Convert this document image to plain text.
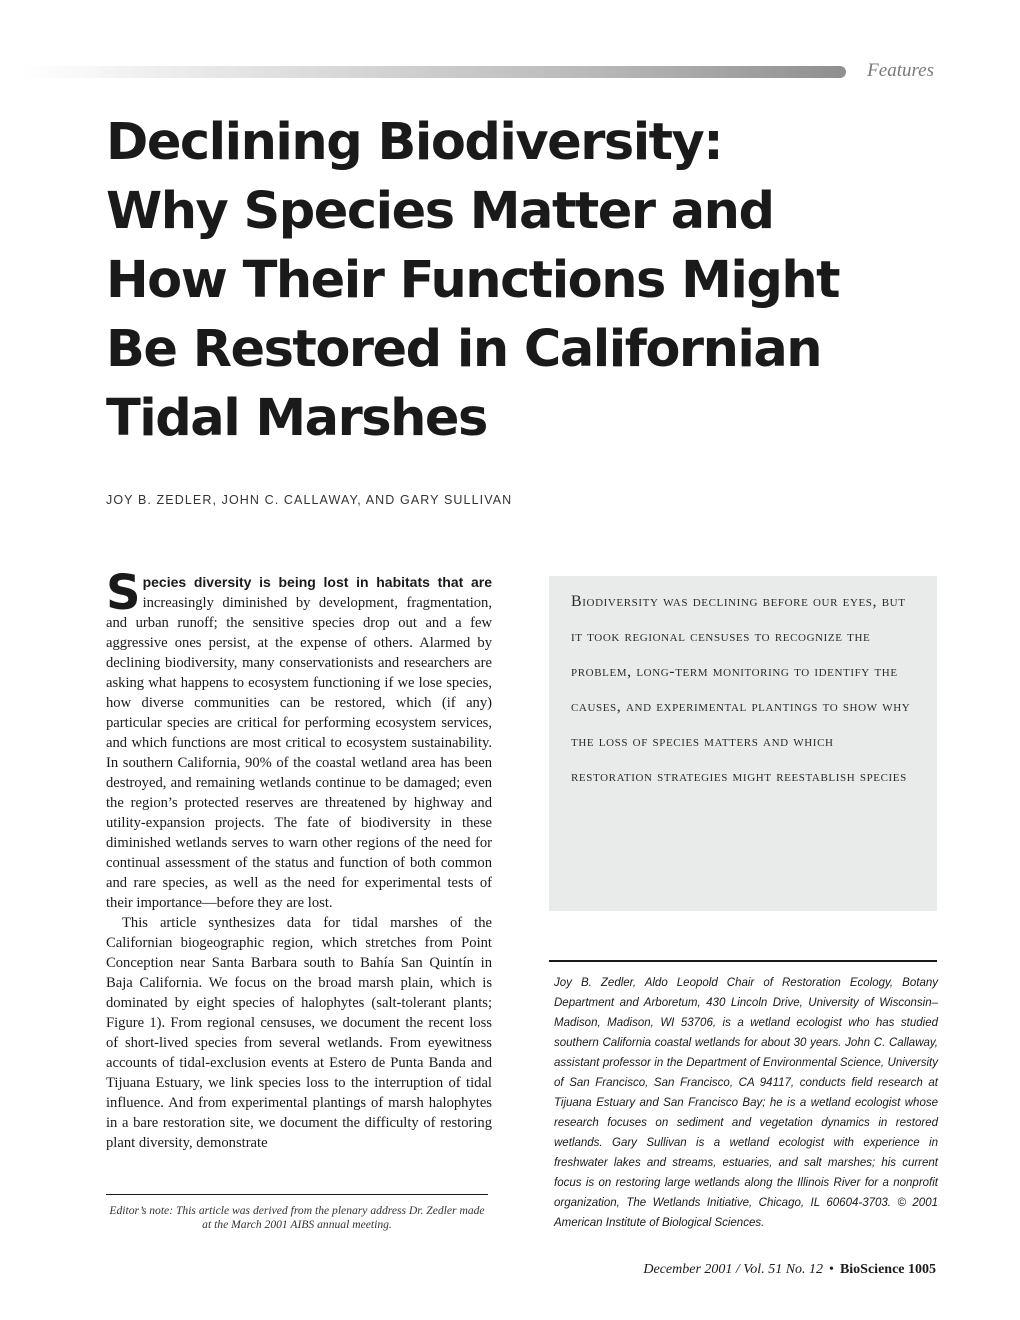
Features
Declining Biodiversity:
Why Species Matter and
How Their Functions Might
Be Restored in Californian
Tidal Marshes
JOY B. ZEDLER, JOHN C. CALLAWAY, AND GARY SULLIVAN

Species diversity is being lost in habitats that are increasingly diminished by development, fragmentation, and urban runoff; the sensitive species drop out and a few aggressive ones persist, at the expense of others. Alarmed by declining biodiversity, many conservationists and researchers are asking what happens to ecosystem functioning if we lose species, how diverse communities can be restored, which (if any) particular species are critical for performing ecosystem services, and which functions are most critical to ecosystem sustainability. In southern California, 90% of the coastal wetland area has been destroyed, and remaining wetlands continue to be damaged; even the region’s protected reserves are threatened by highway and utility-expansion projects. The fate of biodiversity in these diminished wetlands serves to warn other regions of the need for continual assessment of the status and function of both common and rare species, as well as the need for experimental tests of their importance—before they are lost.

This article synthesizes data for tidal marshes of the Californian biogeographic region, which stretches from Point Conception near Santa Barbara south to Bahía San Quintín in Baja California. We focus on the broad marsh plain, which is dominated by eight species of halophytes (salt-tolerant plants; Figure 1). From regional censuses, we document the recent loss of short-lived species from several wetlands. From eyewitness accounts of tidal-exclusion events at Estero de Punta Banda and Tijuana Estuary, we link species loss to the interruption of tidal influence. And from experimental plantings of marsh halophytes in a bare restoration site, we document the difficulty of restoring plant diversity, demonstrate

Editor’s note: This article was derived from the plenary address Dr. Zedler made at the March 2001 AIBS annual meeting.

Biodiversity was declining before our eyes, but it took regional censuses to recognize the problem, long-term monitoring to identify the causes, and experimental plantings to show why the loss of species matters and which restoration strategies might reestablish species

Joy B. Zedler, Aldo Leopold Chair of Restoration Ecology, Botany Department and Arboretum, 430 Lincoln Drive, University of Wisconsin–Madison, Madison, WI 53706, is a wetland ecologist who has studied southern California coastal wetlands for about 30 years. John C. Callaway, assistant professor in the Department of Environmental Science, University of San Francisco, San Francisco, CA 94117, conducts field research at Tijuana Estuary and San Francisco Bay; he is a wetland ecologist whose research focuses on sediment and vegetation dynamics in restored wetlands. Gary Sullivan is a wetland ecologist with experience in freshwater lakes and streams, estuaries, and salt marshes; his current focus is on restoring large wetlands along the Illinois River for a nonprofit organization, The Wetlands Initiative, Chicago, IL 60604-3703. © 2001 American Institute of Biological Sciences.
December 2001 / Vol. 51 No. 12 • BioScience 1005
